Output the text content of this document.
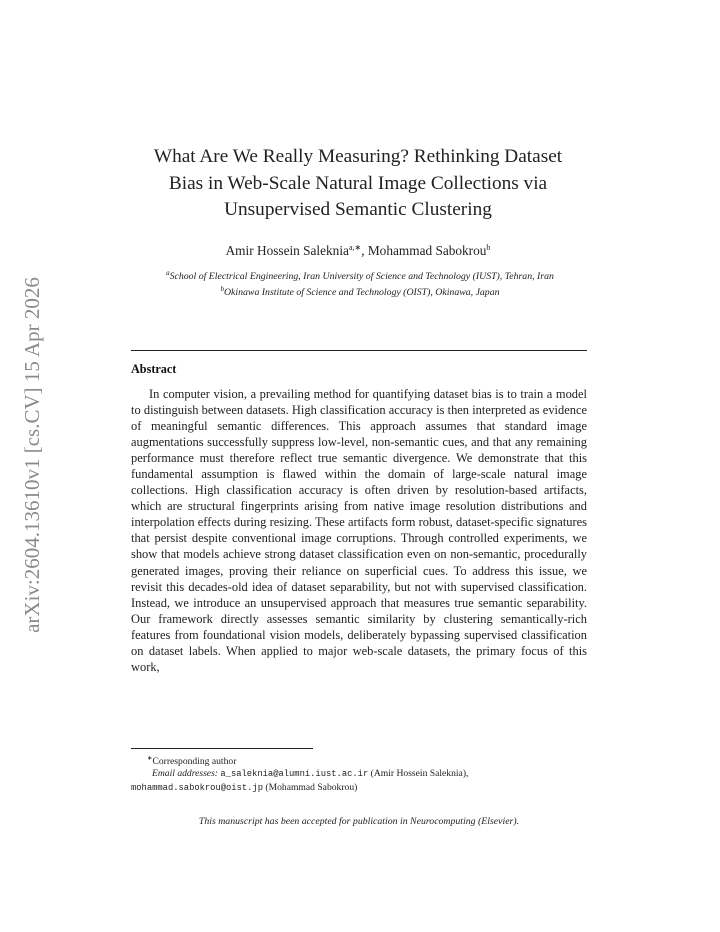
arXiv:2604.13610v1 [cs.CV] 15 Apr 2026
What Are We Really Measuring? Rethinking Dataset
Bias in Web-Scale Natural Image Collections via
Unsupervised Semantic Clustering
Amir Hossein Saleknia$^{a,∗}$, Mohammad Sabokrou$^b$
$^a$School of Electrical Engineering, Iran University of Science and Technology (IUST), Tehran, Iran
$^b$Okinawa Institute of Science and Technology (OIST), Okinawa, Japan
Abstract

In computer vision, a prevailing method for quantifying dataset bias is to train a model to distinguish between datasets. High classification accuracy is then interpreted as evidence of meaningful semantic differences. This approach assumes that standard image augmentations successfully suppress low-level, non-semantic cues, and that any remaining performance must therefore reflect true semantic divergence. We demonstrate that this fundamental assumption is flawed within the domain of large-scale natural image collections. High classification accuracy is often driven by resolution-based artifacts, which are structural fingerprints arising from native image resolution distributions and interpolation effects during resizing. These artifacts form robust, dataset-specific signatures that persist despite conventional image corruptions. Through controlled experiments, we show that models achieve strong dataset classification even on non-semantic, procedurally generated images, proving their reliance on superficial cues. To address this issue, we revisit this decades-old idea of dataset separability, but not with supervised classification. Instead, we introduce an unsupervised approach that measures true semantic separability. Our framework directly assesses semantic similarity by clustering semantically-rich features from foundational vision models, deliberately bypassing supervised classification on dataset labels. When applied to major web-scale datasets, the primary focus of this work,

∗Corresponding author
Email addresses: a_saleknia@alumni.iust.ac.ir (Amir Hossein Saleknia),
mohammad.sabokrou@oist.jp (Mohammad Sabokrou)
This manuscript has been accepted for publication in Neurocomputing (Elsevier).
